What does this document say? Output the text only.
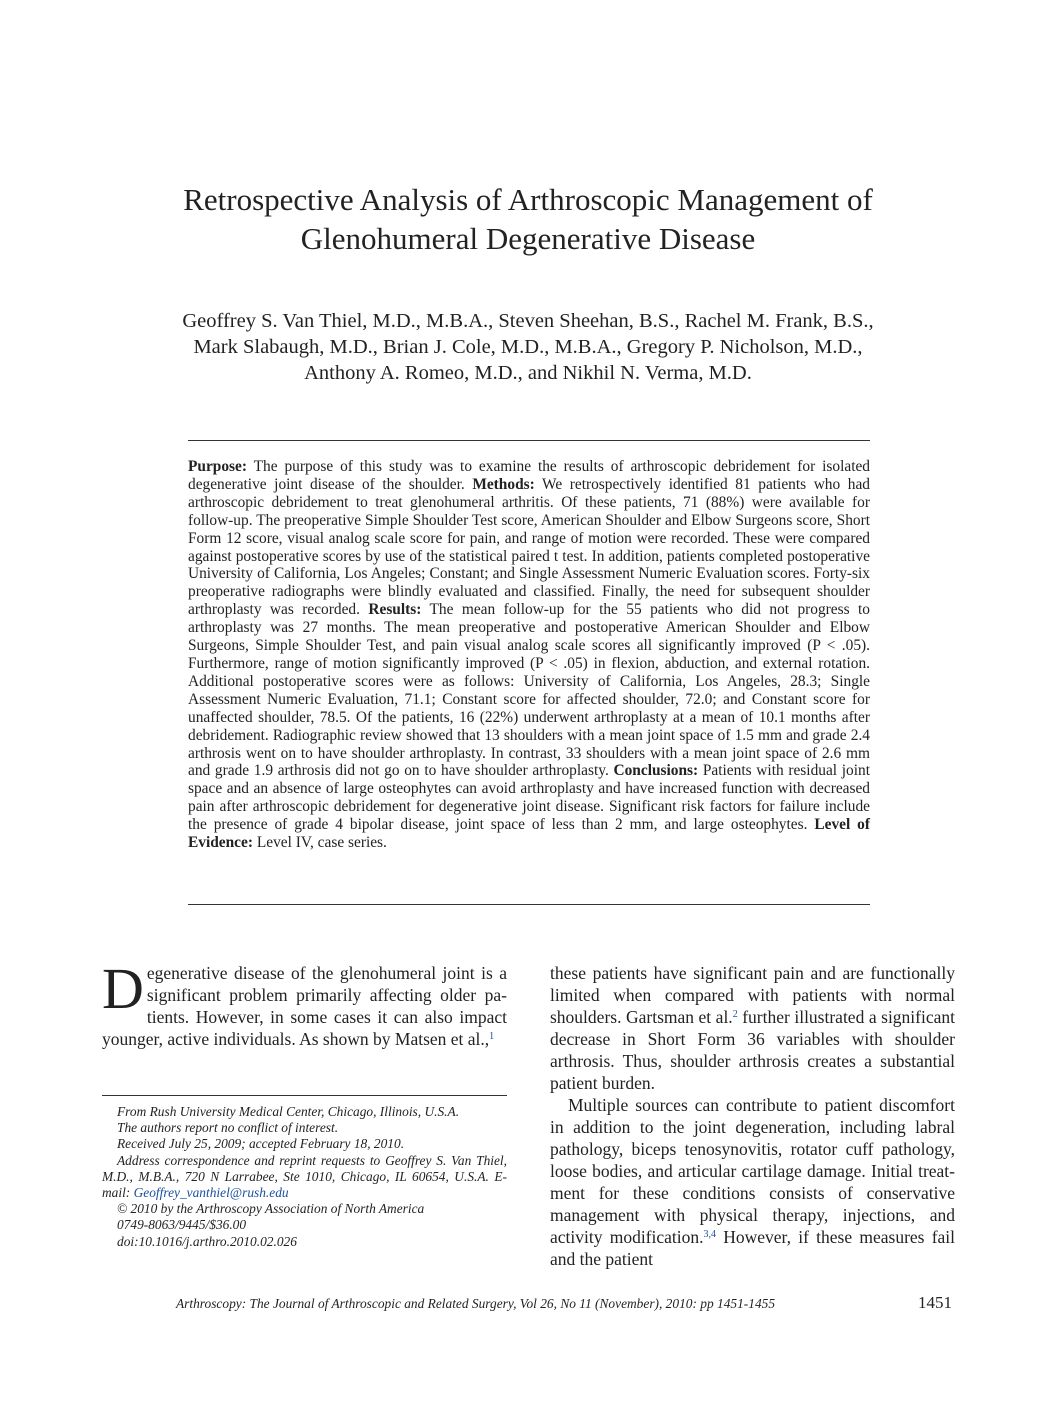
Retrospective Analysis of Arthroscopic Management of
Glenohumeral Degenerative Disease
Geoffrey S. Van Thiel, M.D., M.B.A., Steven Sheehan, B.S., Rachel M. Frank, B.S.,
Mark Slabaugh, M.D., Brian J. Cole, M.D., M.B.A., Gregory P. Nicholson, M.D.,
Anthony A. Romeo, M.D., and Nikhil N. Verma, M.D.
Purpose: The purpose of this study was to examine the results of arthroscopic debridement for isolated degenerative joint disease of the shoulder. Methods: We retrospectively identified 81 patients who had arthroscopic debridement to treat glenohumeral arthritis. Of these patients, 71 (88%) were available for follow-up. The preoperative Simple Shoulder Test score, American Shoulder and Elbow Surgeons score, Short Form 12 score, visual analog scale score for pain, and range of motion were recorded. These were compared against postoperative scores by use of the statistical paired t test. In addition, patients completed postoperative University of California, Los Angeles; Constant; and Single Assessment Numeric Evaluation scores. Forty-six preoperative radiographs were blindly evaluated and classified. Finally, the need for subsequent shoulder arthroplasty was recorded. Results: The mean follow-up for the 55 patients who did not progress to arthroplasty was 27 months. The mean preoperative and postoperative American Shoulder and Elbow Surgeons, Simple Shoulder Test, and pain visual analog scale scores all significantly improved (P < .05). Furthermore, range of motion significantly improved (P < .05) in flexion, abduction, and external rotation. Additional postoperative scores were as follows: University of California, Los Angeles, 28.3; Single Assessment Numeric Evaluation, 71.1; Constant score for affected shoulder, 72.0; and Constant score for unaffected shoulder, 78.5. Of the patients, 16 (22%) underwent arthroplasty at a mean of 10.1 months after debridement. Radiographic review showed that 13 shoulders with a mean joint space of 1.5 mm and grade 2.4 arthrosis went on to have shoulder arthroplasty. In contrast, 33 shoulders with a mean joint space of 2.6 mm and grade 1.9 arthrosis did not go on to have shoulder arthroplasty. Conclusions: Patients with residual joint space and an absence of large osteophytes can avoid arthroplasty and have increased function with decreased pain after arthroscopic debridement for degenerative joint disease. Significant risk factors for failure include the presence of grade 4 bipolar disease, joint space of less than 2 mm, and large osteophytes. Level of Evidence: Level IV, case series.

Degenerative disease of the glenohumeral joint is a significant problem primarily affecting older patients. However, in some cases it can also impact younger, active individuals. As shown by Matsen et al.,$^1$

From Rush University Medical Center, Chicago, Illinois, U.S.A.

The authors report no conflict of interest.

Received July 25, 2009; accepted February 18, 2010.

Address correspondence and reprint requests to Geoffrey S. Van Thiel, M.D., M.B.A., 720 N Larrabee, Ste 1010, Chicago, IL 60654, U.S.A. E-mail: Geoffrey_vanthiel@rush.edu

© 2010 by the Arthroscopy Association of North America

0749-8063/9445/$36.00

doi:10.1016/j.arthro.2010.02.026

these patients have significant pain and are functionally limited when compared with patients with normal shoulders. Gartsman et al.$^2$ further illustrated a significant decrease in Short Form 36 variables with shoulder arthrosis. Thus, shoulder arthrosis creates a substantial patient burden.

Multiple sources can contribute to patient discomfort in addition to the joint degeneration, including labral pathology, biceps tenosynovitis, rotator cuff pathology, loose bodies, and articular cartilage damage. Initial treatment for these conditions consists of conservative management with physical therapy, injections, and activity modification.$^{3,4}$ However, if these measures fail and the patient

Arthroscopy: The Journal of Arthroscopic and Related Surgery, Vol 26, No 11 (November), 2010: pp 1451-1455	1451
